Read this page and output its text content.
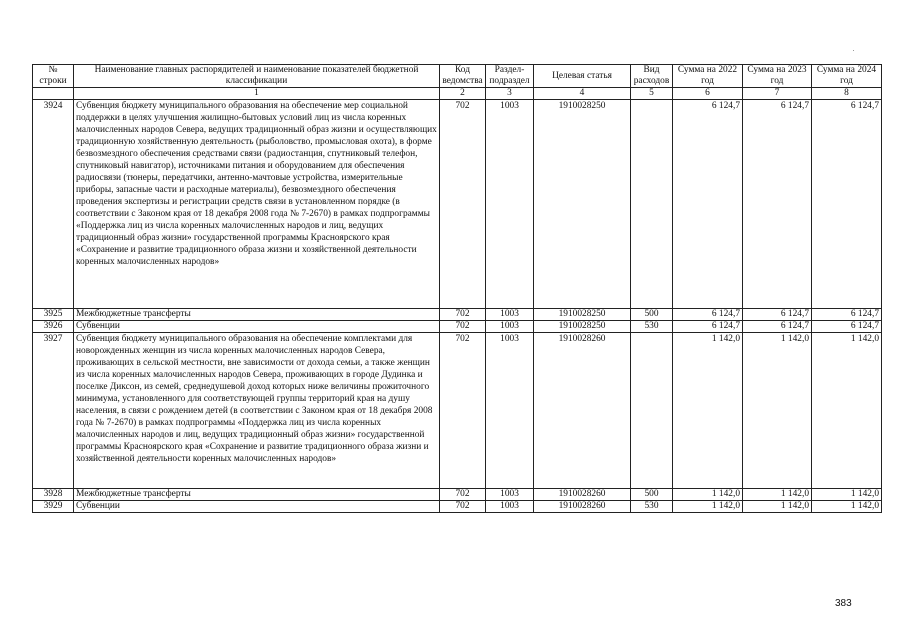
№ строки	Наименование главных распорядителей и наименование показателей бюджетной классификации	Код ведомства	Раздел-подраздел	Целевая статья	Вид расходов	Сумма на 2022 год	Сумма на 2023 год	Сумма на 2024 год
	1	2	3	4	5	6	7	8
3924	Субвенция бюджету муниципального образования на обеспечение мер социальной поддержки в целях улучшения жилищно-бытовых условий лиц из числа коренных малочисленных народов Севера, ведущих традиционный образ жизни и осуществляющих традиционную хозяйственную деятельность (рыболовство, промысловая охота), в форме безвозмездного обеспечения средствами связи (радиостанция, спутниковый телефон, спутниковый навигатор), источниками питания и оборудованием для обеспечения радиосвязи (тюнеры, передатчики, антенно-мачтовые устройства, измерительные приборы, запасные части и расходные материалы), безвозмездного обеспечения проведения экспертизы и регистрации средств связи в установленном порядке (в соответствии с Законом края от 18 декабря 2008 года № 7-2670) в рамках подпрограммы «Поддержка лиц из числа коренных малочисленных народов и лиц, ведущих традиционный образ жизни» государственной программы Красноярского края «Сохранение и развитие традиционного образа жизни и хозяйственной деятельности коренных малочисленных народов»	702	1003	1910028250		6 124,7	6 124,7	6 124,7
3925	Межбюджетные трансферты	702	1003	1910028250	500	6 124,7	6 124,7	6 124,7
3926	Субвенции	702	1003	1910028250	530	6 124,7	6 124,7	6 124,7
3927	Субвенция бюджету муниципального образования на обеспечение комплектами для новорожденных женщин из числа коренных малочисленных народов Севера, проживающих в сельской местности, вне зависимости от дохода семьи, а также женщин из числа коренных малочисленных народов Севера, проживающих в городе Дудинка и поселке Диксон, из семей, среднедушевой доход которых ниже величины прожиточного минимума, установленного для соответствующей группы территорий края на душу населения, в связи с рождением детей (в соответствии с Законом края от 18 декабря 2008 года № 7-2670) в рамках подпрограммы «Поддержка лиц из числа коренных малочисленных народов и лиц, ведущих традиционный образ жизни» государственной программы Красноярского края «Сохранение и развитие традиционного образа жизни и хозяйственной деятельности коренных малочисленных народов»	702	1003	1910028260		1 142,0	1 142,0	1 142,0
3928	Межбюджетные трансферты	702	1003	1910028260	500	1 142,0	1 142,0	1 142,0
3929	Субвенции	702	1003	1910028260	530	1 142,0	1 142,0	1 142,0
383
